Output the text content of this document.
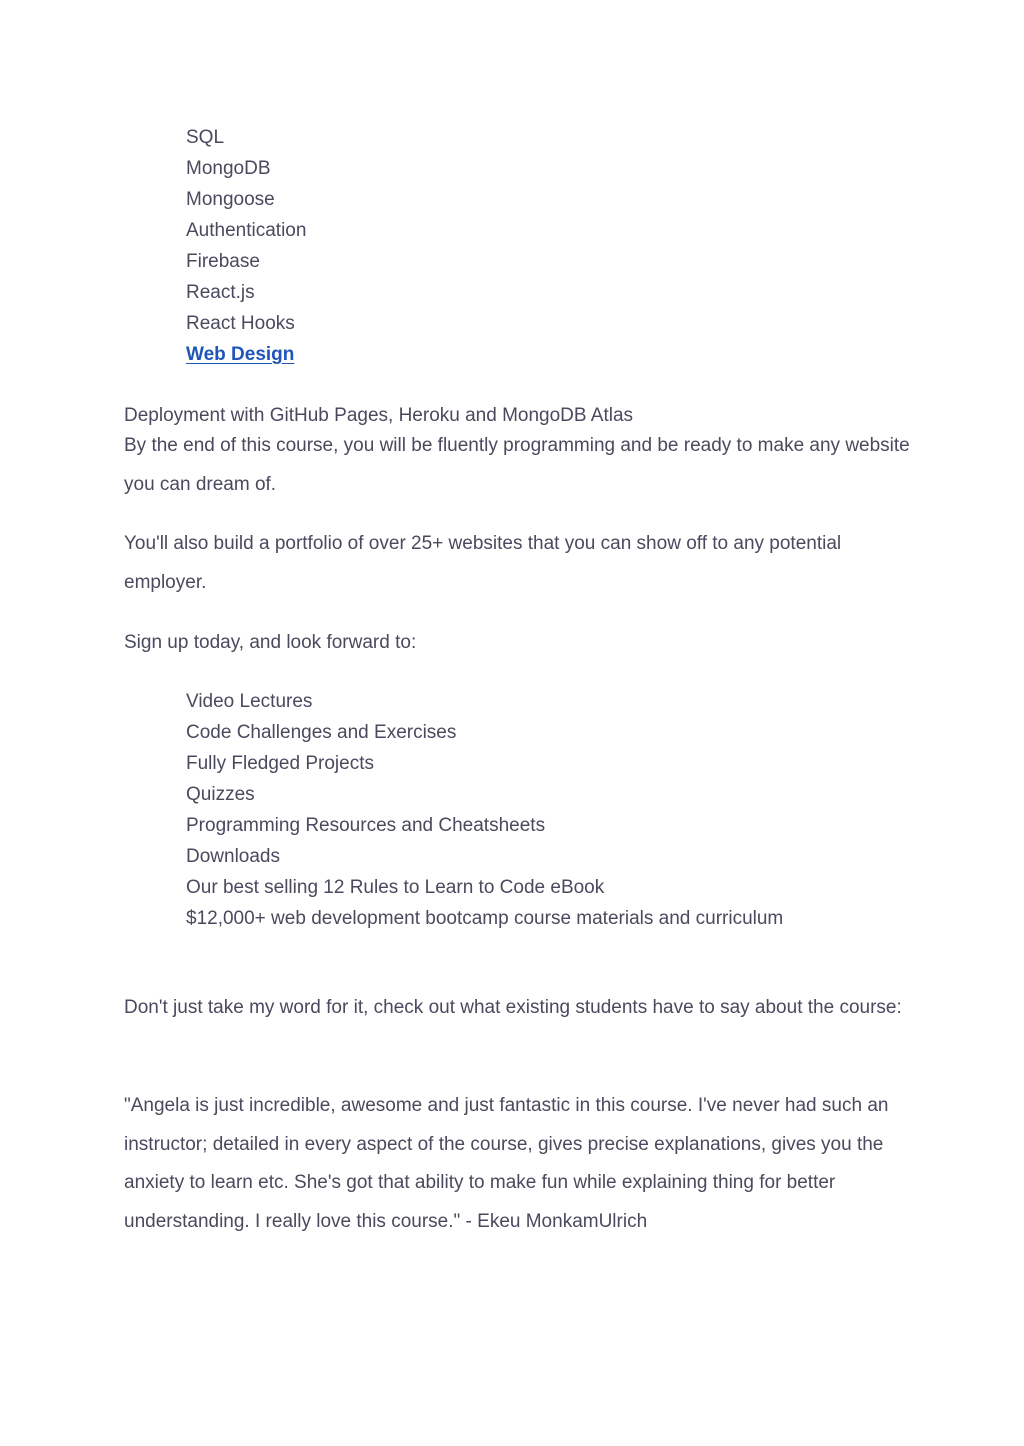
SQL
MongoDB
Mongoose
Authentication
Firebase
React.js
React Hooks
Web Design

Deployment with GitHub Pages, Heroku and MongoDB Atlas

By the end of this course, you will be fluently programming and be ready to make any website you can dream of.

You'll also build a portfolio of over 25+ websites that you can show off to any potential employer.

Sign up today, and look forward to:

Video Lectures
Code Challenges and Exercises
Fully Fledged Projects
Quizzes
Programming Resources and Cheatsheets
Downloads
Our best selling 12 Rules to Learn to Code eBook
$12,000+ web development bootcamp course materials and curriculum

Don't just take my word for it, check out what existing students have to say about the course:

"Angela is just incredible, awesome and just fantastic in this course. I've never had such an instructor; detailed in every aspect of the course, gives precise explanations, gives you the anxiety to learn etc. She's got that ability to make fun while explaining thing for better understanding. I really love this course." - Ekeu MonkamUlrich
